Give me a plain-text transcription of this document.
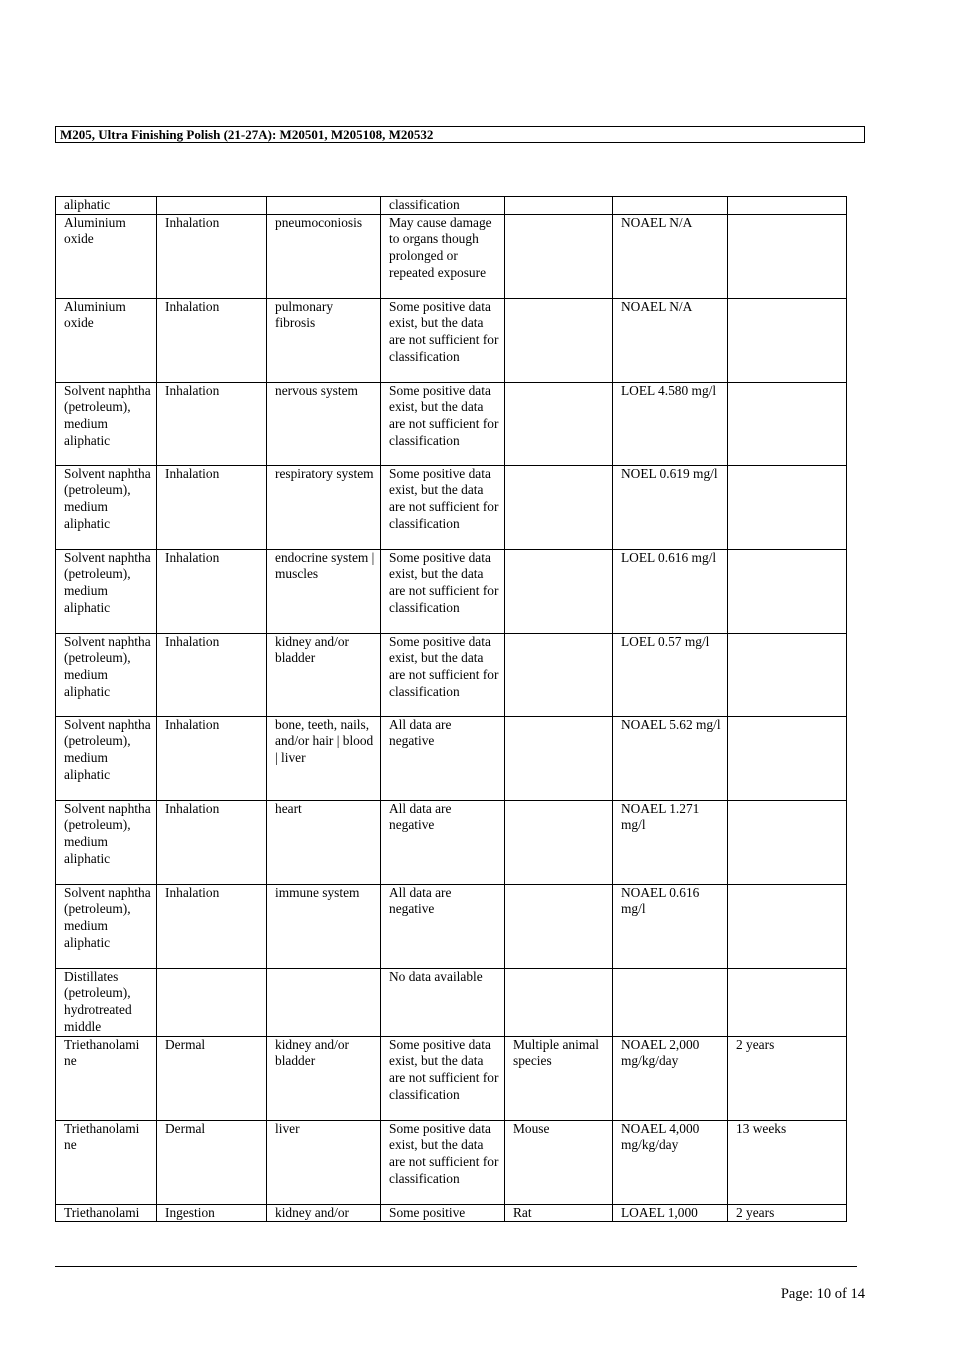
M205, Ultra Finishing Polish (21-27A): M20501, M205108, M20532
aliphatic			classification			
Aluminium oxide	Inhalation	pneumoconiosis	May cause damage to organs though prolonged or repeated exposure		NOAEL N/A	
Aluminium oxide	Inhalation	pulmonary fibrosis	Some positive data exist, but the data are not sufficient for classification		NOAEL N/A	
Solvent naphtha (petroleum), medium aliphatic	Inhalation	nervous system	Some positive data exist, but the data are not sufficient for classification		LOEL 4.580 mg/l	
Solvent naphtha (petroleum), medium aliphatic	Inhalation	respiratory system	Some positive data exist, but the data are not sufficient for classification		NOEL 0.619 mg/l	
Solvent naphtha (petroleum), medium aliphatic	Inhalation	endocrine system | muscles	Some positive data exist, but the data are not sufficient for classification		LOEL 0.616 mg/l	
Solvent naphtha (petroleum), medium aliphatic	Inhalation	kidney and/or bladder	Some positive data exist, but the data are not sufficient for classification		LOEL 0.57 mg/l	
Solvent naphtha (petroleum), medium aliphatic	Inhalation	bone, teeth, nails, and/or hair | blood | liver	All data are negative		NOAEL 5.62 mg/l	
Solvent naphtha (petroleum), medium aliphatic	Inhalation	heart	All data are negative		NOAEL 1.271 mg/l	
Solvent naphtha (petroleum), medium aliphatic	Inhalation	immune system	All data are negative		NOAEL 0.616 mg/l	
Distillates (petroleum), hydrotreated middle			No data available			
Triethanolami ne	Dermal	kidney and/or bladder	Some positive data exist, but the data are not sufficient for classification	Multiple animal species	NOAEL 2,000 mg/kg/day	2 years
Triethanolami ne	Dermal	liver	Some positive data exist, but the data are not sufficient for classification	Mouse	NOAEL 4,000 mg/kg/day	13 weeks
Triethanolami	Ingestion	kidney and/or	Some positive	Rat	LOAEL 1,000	2 years
Page: 10 of 14
